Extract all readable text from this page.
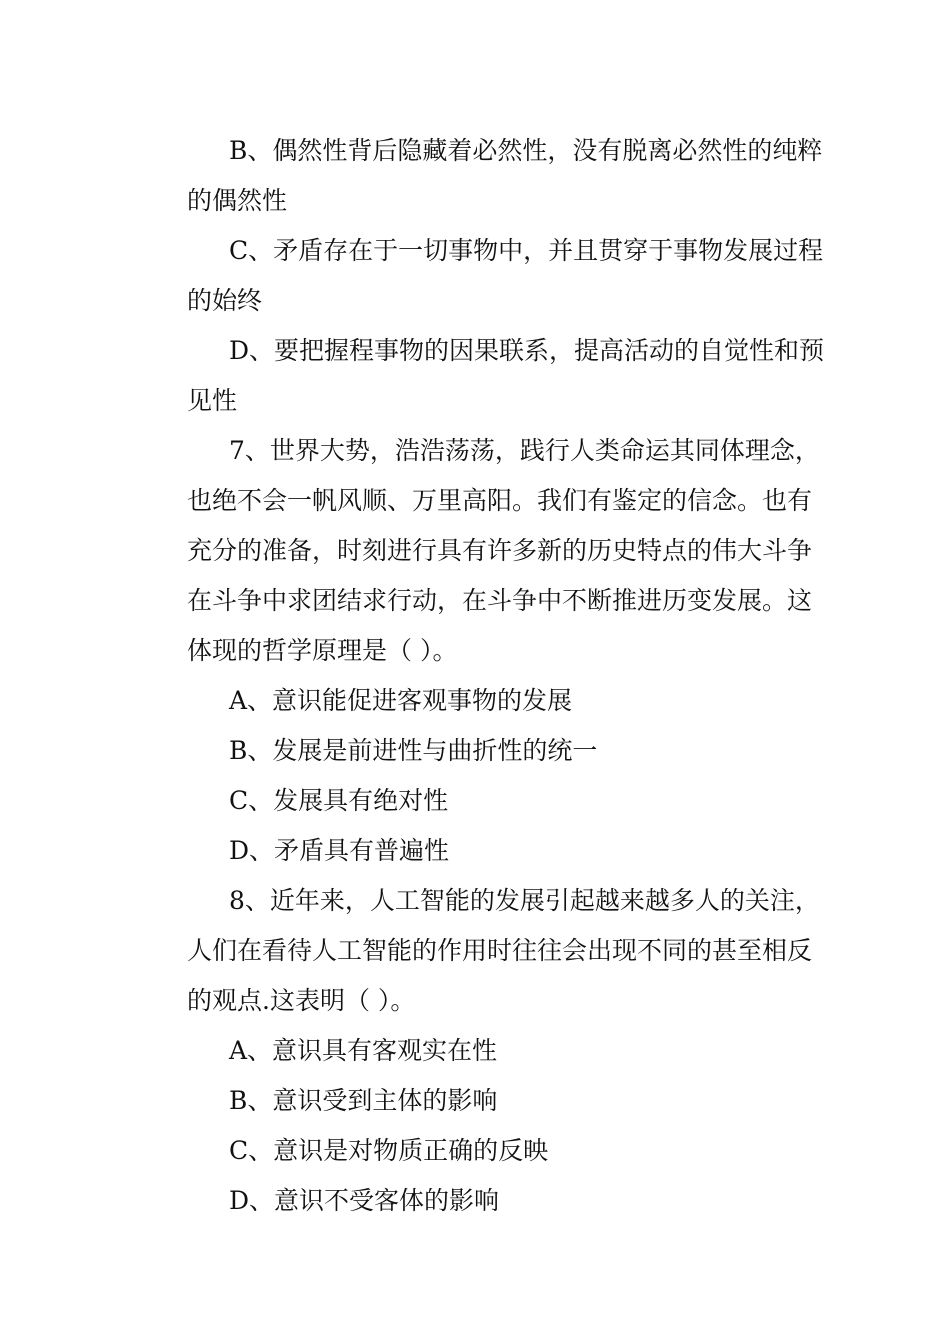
B、偶然性背后隐藏着必然性，没有脱离必然性的纯粹
的偶然性
C、矛盾存在于一切事物中，并且贯穿于事物发展过程
的始终
D、要把握程事物的因果联系，提高活动的自觉性和预
见性
7、世界大势，浩浩荡荡，践行人类命运其同体理念，
也绝不会一帆风顺、万里高阳。我们有鉴定的信念。也有
充分的准备，时刻进行具有许多新的历史特点的伟大斗争
在斗争中求团结求行动，在斗争中不断推进历变发展。这
体现的哲学原理是（ ）。
A、意识能促进客观事物的发展
B、发展是前进性与曲折性的统一
C、发展具有绝对性
D、矛盾具有普遍性
8、近年来，人工智能的发展引起越来越多人的关注，
人们在看待人工智能的作用时往往会出现不同的甚至相反
的观点.这表明（ ）。
A、意识具有客观实在性
B、意识受到主体的影响
C、意识是对物质正确的反映
D、意识不受客体的影响
